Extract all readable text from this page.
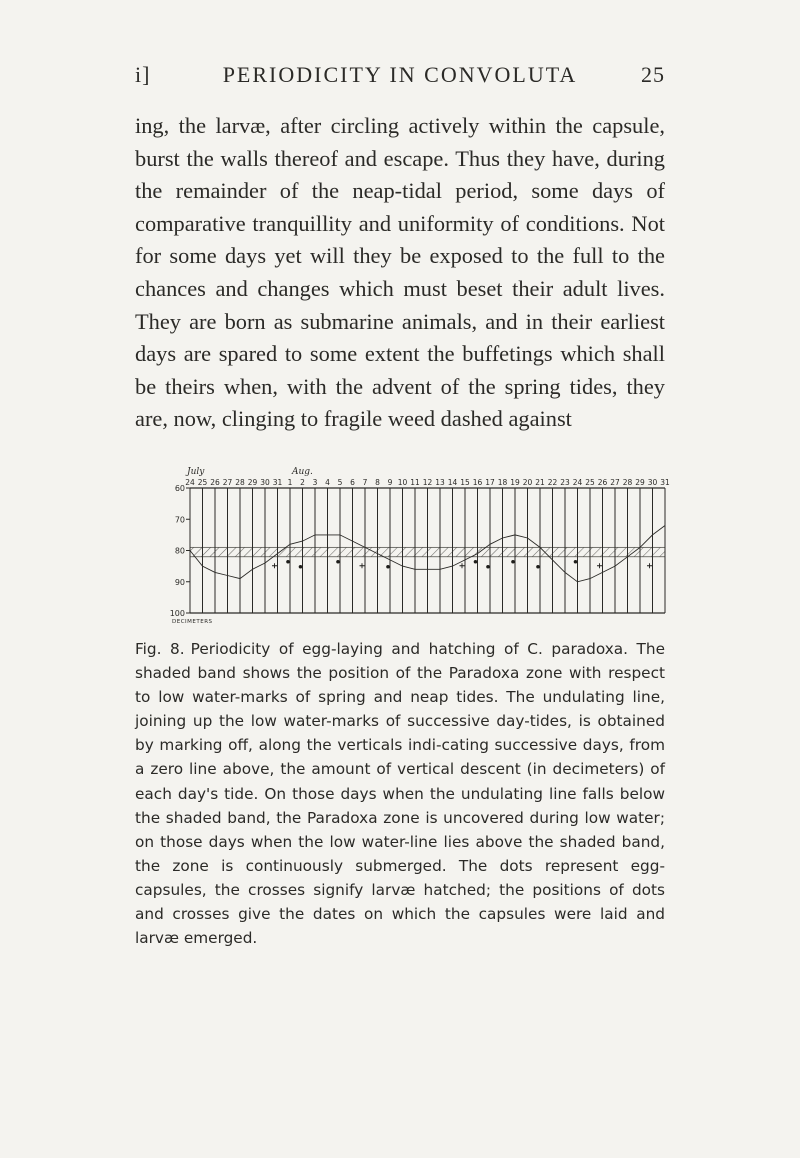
i]	PERIODICITY IN CONVOLUTA	25
ing, the larvæ, after circling actively within the capsule, burst the walls thereof and escape. Thus they have, during the remainder of the neap-tidal period, some days of comparative tranquillity and uniformity of conditions. Not for some days yet will they be exposed to the full to the chances and changes which must beset their adult lives. They are born as submarine animals, and in their earliest days are spared to some extent the buffetings which shall be theirs when, with the advent of the spring tides, they are, now, clinging to fragile weed dashed against
60
70
80
90
100
DECIMETERS
24 25 26 27 28 29 30 31 1 2 3 4 5 6 7 8 9 10 11 12 13 14 15 16 17 18 19 20 21 22 23 24 25 26 27 28 29 30 31
July	Aug.
Fig. 8. Periodicity of egg-laying and hatching of C. paradoxa. The shaded band shows the position of the Paradoxa zone with respect to low water-marks of spring and neap tides. The undulating line, joining up the low water-marks of successive day-tides, is obtained by marking off, along the verticals indi-cating successive days, from a zero line above, the amount of vertical descent (in decimeters) of each day's tide. On those days when the undulating line falls below the shaded band, the Paradoxa zone is uncovered during low water; on those days when the low water-line lies above the shaded band, the zone is continuously submerged. The dots represent egg-capsules, the crosses signify larvæ hatched; the positions of dots and crosses give the dates on which the capsules were laid and larvæ emerged.
